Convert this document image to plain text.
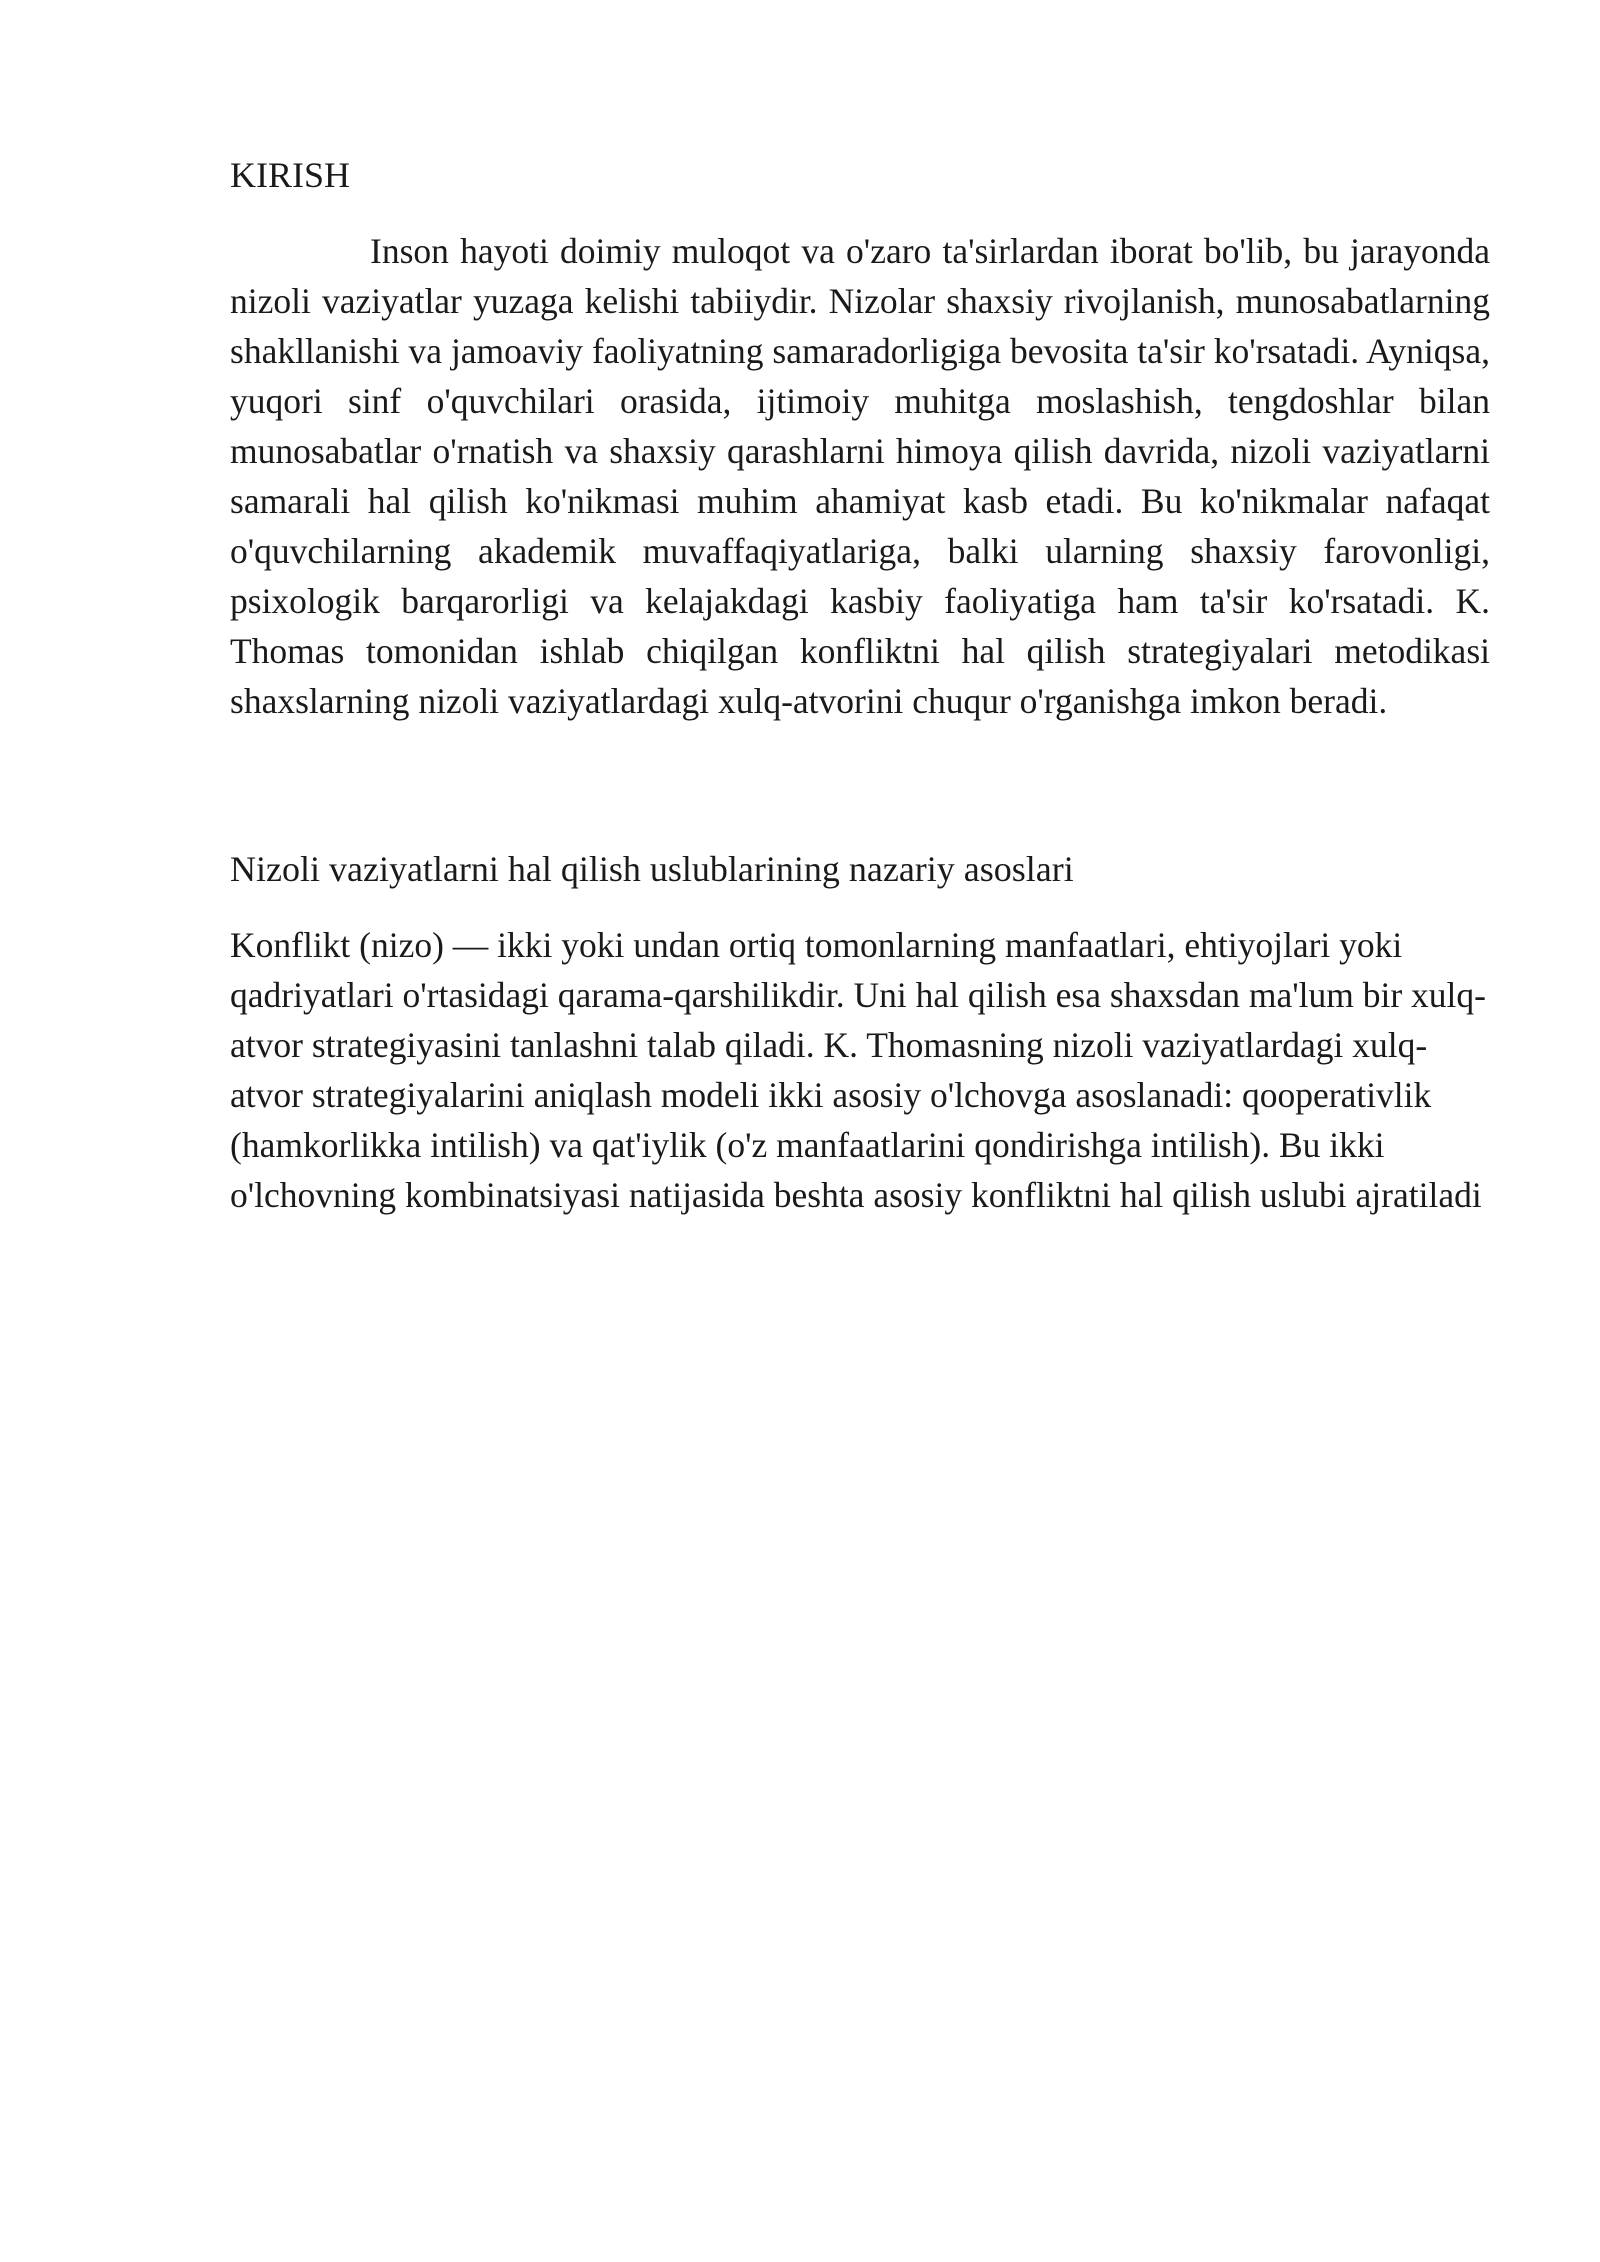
KIRISH

Inson hayoti doimiy muloqot va o'zaro ta'sirlardan iborat bo'lib, bu jarayonda nizoli vaziyatlar yuzaga kelishi tabiiydir. Nizolar shaxsiy rivojlanish, munosabatlarning shakllanishi va jamoaviy faoliyatning samaradorligiga bevosita ta'sir ko'rsatadi. Ayniqsa, yuqori sinf o'quvchilari orasida, ijtimoiy muhitga moslashish, tengdoshlar bilan munosabatlar o'rnatish va shaxsiy qarashlarni himoya qilish davrida, nizoli vaziyatlarni samarali hal qilish ko'nikmasi muhim ahamiyat kasb etadi. Bu ko'nikmalar nafaqat o'quvchilarning akademik muvaffaqiyatlariga, balki ularning shaxsiy farovonligi, psixologik barqarorligi va kelajakdagi kasbiy faoliyatiga ham ta'sir ko'rsatadi. K. Thomas tomonidan ishlab chiqilgan konfliktni hal qilish strategiyalari metodikasi shaxslarning nizoli vaziyatlardagi xulq-atvorini chuqur o'rganishga imkon beradi.

Nizoli vaziyatlarni hal qilish uslublarining nazariy asoslari

Konflikt (nizo) — ikki yoki undan ortiq tomonlarning manfaatlari, ehtiyojlari yoki qadriyatlari o'rtasidagi qarama-qarshilikdir. Uni hal qilish esa shaxsdan ma'lum bir xulq-atvor strategiyasini tanlashni talab qiladi. K. Thomasning nizoli vaziyatlardagi xulq-atvor strategiyalarini aniqlash modeli ikki asosiy o'lchovga asoslanadi: qooperativlik (hamkorlikka intilish) va qat'iylik (o'z manfaatlarini qondirishga intilish). Bu ikki o'lchovning kombinatsiyasi natijasida beshta asosiy konfliktni hal qilish uslubi ajratiladi
